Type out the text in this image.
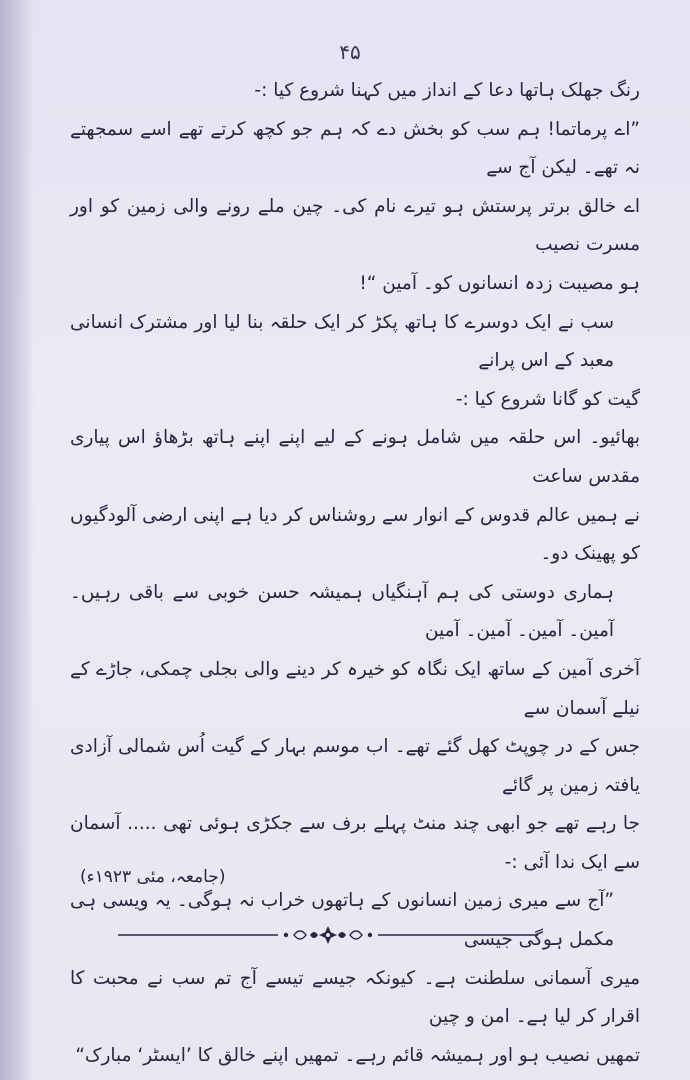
۴۵

رنگ جھلک ہاتھا دعا کے انداز میں کہنا شروع کیا :-

”اے پرماتما! ہم سب کو بخش دے کہ ہم جو کچھ کرتے تھے اسے سمجھتے نہ تھے۔ لیکن آج سے

اے خالق برتر پرستش ہو تیرے نام کی۔ چین ملے رونے والی زمین کو اور مسرت نصیب

ہو مصیبت زدہ انسانوں کو۔ آمین “!

سب نے ایک دوسرے کا ہاتھ پکڑ کر ایک حلقہ بنا لیا اور مشترک انسانی معبد کے اس پرانے

گیت کو گانا شروع کیا :-

بھائیو۔ اس حلقہ میں شامل ہونے کے لیے اپنے اپنے ہاتھ بڑھاؤ اس پیاری مقدس ساعت

نے ہمیں عالم قدوس کے انوار سے روشناس کر دیا ہے اپنی ارضی آلودگیوں کو پھینک دو۔

ہماری دوستی کی ہم آہنگیاں ہمیشہ حسن خوبی سے باقی رہیں۔ آمین۔ آمین۔ آمین۔ آمین

آخری آمین کے ساتھ ایک نگاہ کو خیرہ کر دینے والی بجلی چمکی، جاڑے کے نیلے آسمان سے

جس کے در چوپٹ کھل گئے تھے۔ اب موسم بہار کے گیت اُس شمالی آزادی یافتہ زمین پر گائے

جا رہے تھے جو ابھی چند منٹ پہلے برف سے جکڑی ہوئی تھی ..... آسمان سے ایک ندا آئی :-

”آج سے میری زمین انسانوں کے ہاتھوں خراب نہ ہوگی۔ یہ ویسی ہی مکمل ہوگی جیسی

میری آسمانی سلطنت ہے۔ کیونکہ جیسے تیسے آج تم سب نے محبت کا اقرار کر لیا ہے۔ امن و چین

تمھیں نصیب ہو اور ہمیشہ قائم رہے۔ تمھیں اپنے خالق کا ’ایسٹر‘ مبارک“

(جامعہ، مئی ۱۹۲۳ء)
